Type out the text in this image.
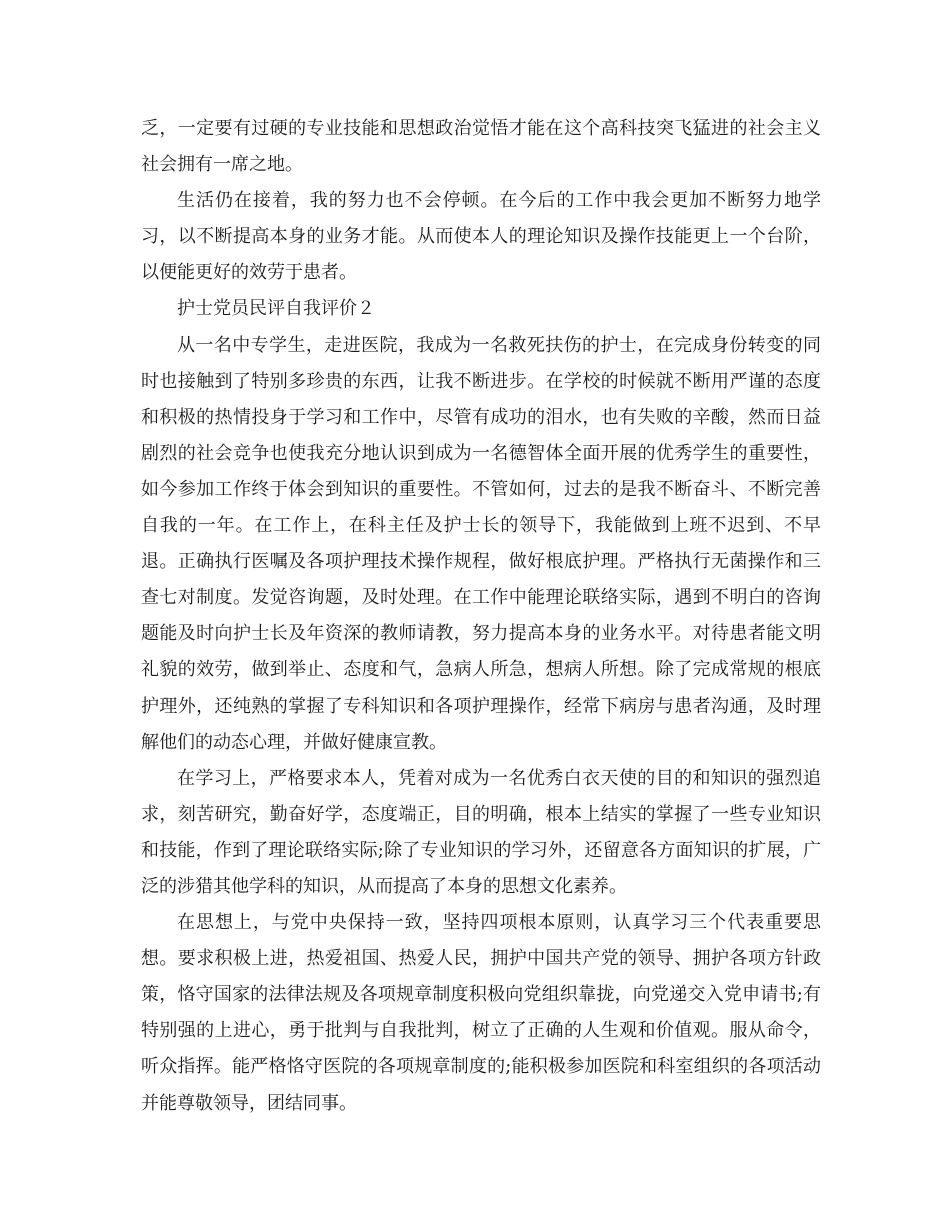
乏，一定要有过硬的专业技能和思想政治觉悟才能在这个高科技突飞猛进的社会主义社会拥有一席之地。

生活仍在接着，我的努力也不会停顿。在今后的工作中我会更加不断努力地学习，以不断提高本身的业务才能。从而使本人的理论知识及操作技能更上一个台阶，以便能更好的效劳于患者。

护士党员民评自我评价２

从一名中专学生，走进医院，我成为一名救死扶伤的护士，在完成身份转变的同时也接触到了特别多珍贵的东西，让我不断进步。在学校的时候就不断用严谨的态度和积极的热情投身于学习和工作中，尽管有成功的泪水，也有失败的辛酸，然而日益剧烈的社会竞争也使我充分地认识到成为一名德智体全面开展的优秀学生的重要性，如今参加工作终于体会到知识的重要性。不管如何，过去的是我不断奋斗、不断完善自我的一年。在工作上，在科主任及护士长的领导下，我能做到上班不迟到、不早退。正确执行医嘱及各项护理技术操作规程，做好根底护理。严格执行无菌操作和三查七对制度。发觉咨询题，及时处理。在工作中能理论联络实际，遇到不明白的咨询题能及时向护士长及年资深的教师请教，努力提高本身的业务水平。对待患者能文明礼貌的效劳，做到举止、态度和气，急病人所急，想病人所想。除了完成常规的根底护理外，还纯熟的掌握了专科知识和各项护理操作，经常下病房与患者沟通，及时理解他们的动态心理，并做好健康宣教。

在学习上，严格要求本人，凭着对成为一名优秀白衣天使的目的和知识的强烈追求，刻苦研究，勤奋好学，态度端正，目的明确，根本上结实的掌握了一些专业知识和技能，作到了理论联络实际;除了专业知识的学习外，还留意各方面知识的扩展，广泛的涉猎其他学科的知识，从而提高了本身的思想文化素养。

在思想上，与党中央保持一致，坚持四项根本原则，认真学习三个代表重要思想。要求积极上进，热爱祖国、热爱人民，拥护中国共产党的领导、拥护各项方针政策，恪守国家的法律法规及各项规章制度积极向党组织靠拢，向党递交入党申请书;有特别强的上进心，勇于批判与自我批判，树立了正确的人生观和价值观。服从命令，听众指挥。能严格恪守医院的各项规章制度的;能积极参加医院和科室组织的各项活动并能尊敬领导，团结同事。
